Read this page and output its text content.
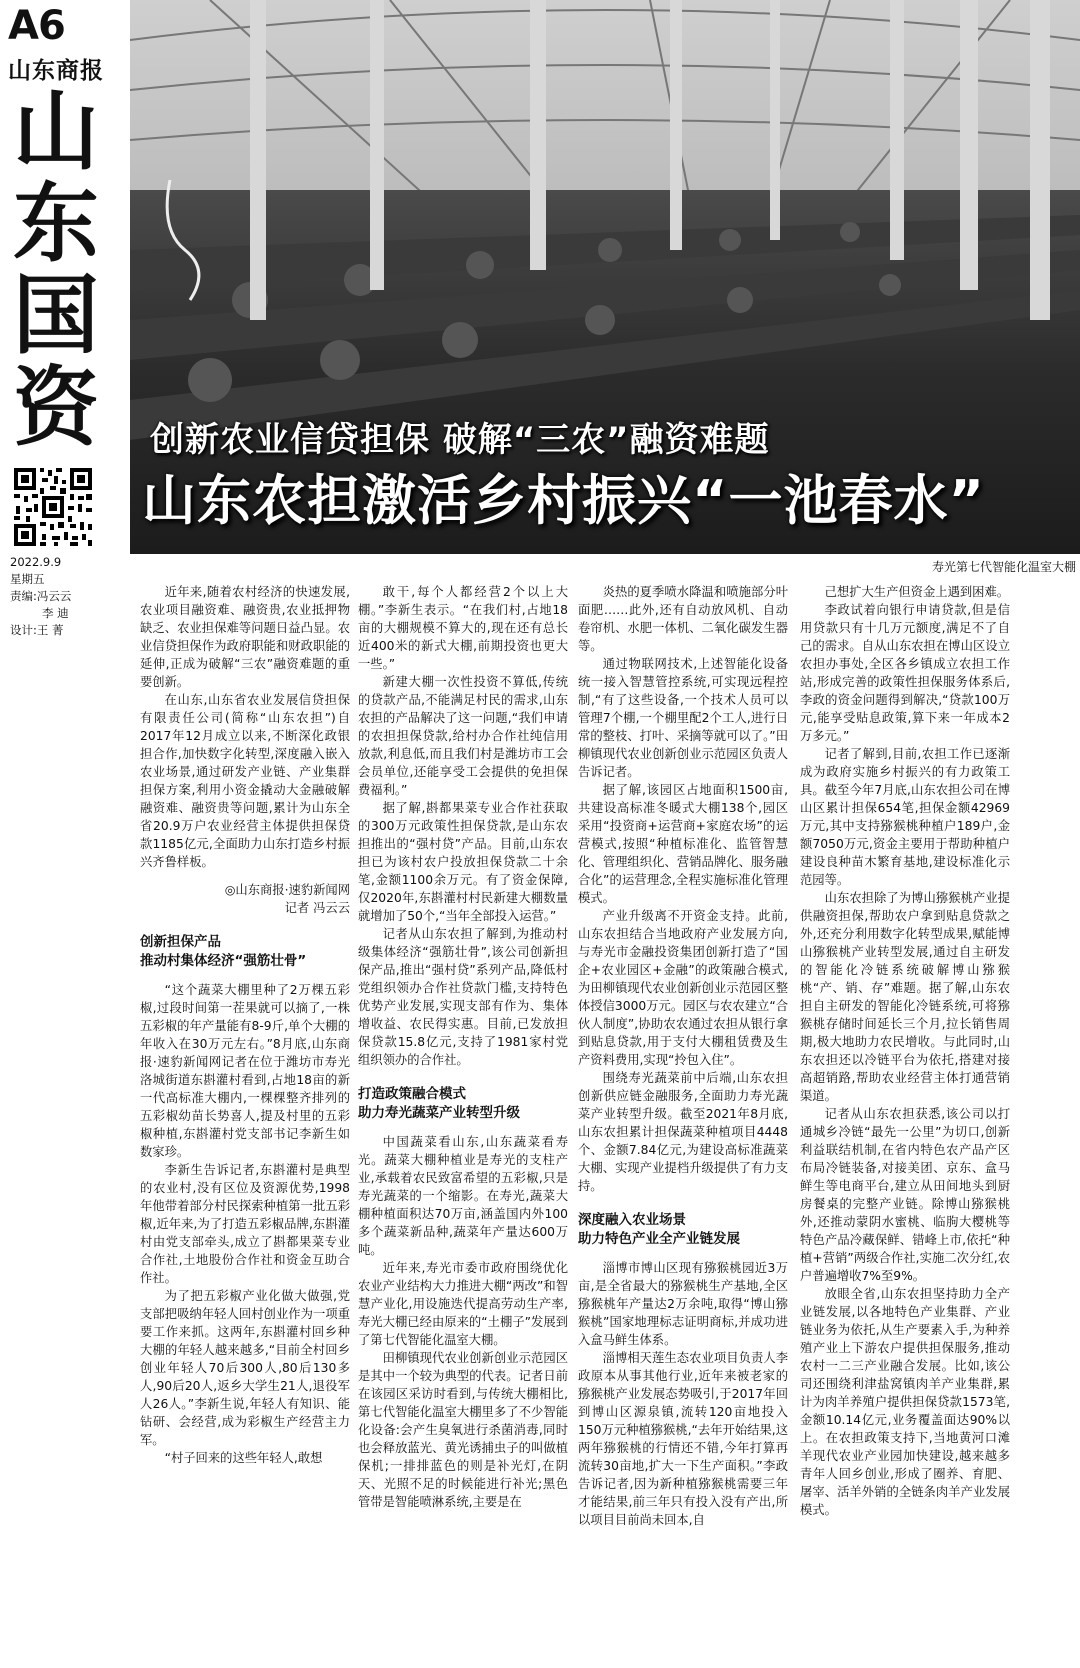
A6
山东商报
山
东
国
资
2022.9.9
星期五
责编:冯云云
李 迪
设计:王 菁
创新农业信贷担保 破解“三农”融资难题
山东农担激活乡村振兴“一池春水”
寿光第七代智能化温室大棚

近年来,随着农村经济的快速发展,农业项目融资难、融资贵,农业抵押物缺乏、农业担保难等问题日益凸显。农业信贷担保作为政府职能和财政职能的延伸,正成为破解“三农”融资难题的重要创新。

在山东,山东省农业发展信贷担保有限责任公司(简称“山东农担”)自2017年12月成立以来,不断深化政银担合作,加快数字化转型,深度融入嵌入农业场景,通过研发产业链、产业集群担保方案,利用小资金撬动大金融破解融资难、融资贵等问题,累计为山东全省20.9万户农业经营主体提供担保贷款1185亿元,全面助力山东打造乡村振兴齐鲁样板。

◎山东商报·速豹新闻网
记者 冯云云

创新担保产品
推动村集体经济“强筋壮骨”

“这个蔬菜大棚里种了2万棵五彩椒,过段时间第一茬果就可以摘了,一株五彩椒的年产量能有8-9斤,单个大棚的年收入在30万元左右。”8月底,山东商报·速豹新闻网记者在位于潍坊市寿光洛城街道东斟灌村看到,占地18亩的新一代高标准大棚内,一棵棵整齐排列的五彩椒幼苗长势喜人,提及村里的五彩椒种植,东斟灌村党支部书记李新生如数家珍。

李新生告诉记者,东斟灌村是典型的农业村,没有区位及资源优势,1998年他带着部分村民探索种植第一批五彩椒,近年来,为了打造五彩椒品牌,东斟灌村由党支部牵头,成立了斟都果菜专业合作社,土地股份合作社和资金互助合作社。

为了把五彩椒产业化做大做强,党支部把吸纳年轻人回村创业作为一项重要工作来抓。这两年,东斟灌村回乡种大棚的年轻人越来越多,“目前全村回乡创业年轻人70后300人,80后130多人,90后20人,返乡大学生21人,退役军人26人。”李新生说,年轻人有知识、能钻研、会经营,成为彩椒生产经营主力军。

“村子回来的这些年轻人,敢想

敢干,每个人都经营2个以上大棚。”李新生表示。“在我们村,占地18亩的大棚规模不算大的,现在还有总长近400米的新式大棚,前期投资也更大一些。”

新建大棚一次性投资不算低,传统的贷款产品,不能满足村民的需求,山东农担的产品解决了这一问题,“我们申请的农担担保贷款,给村办合作社纯信用放款,利息低,而且我们村是潍坊市工会会员单位,还能享受工会提供的免担保费福利。”

据了解,斟都果菜专业合作社获取的300万元政策性担保贷款,是山东农担推出的“强村贷”产品。目前,山东农担已为该村农户投放担保贷款二十余笔,金额1100余万元。有了资金保障,仅2020年,东斟灌村村民新建大棚数量就增加了50个,“当年全部投入运营。”

记者从山东农担了解到,为推动村级集体经济“强筋壮骨”,该公司创新担保产品,推出“强村贷”系列产品,降低村党组织领办合作社贷款门槛,支持特色优势产业发展,实现支部有作为、集体增收益、农民得实惠。目前,已发放担保贷款15.8亿元,支持了1981家村党组织领办的合作社。

打造政策融合模式
助力寿光蔬菜产业转型升级

中国蔬菜看山东,山东蔬菜看寿光。蔬菜大棚种植业是寿光的支柱产业,承载着农民致富希望的五彩椒,只是寿光蔬菜的一个缩影。在寿光,蔬菜大棚种植面积达70万亩,涵盖国内外100多个蔬菜新品种,蔬菜年产量达600万吨。

近年来,寿光市委市政府围绕优化农业产业结构大力推进大棚“两改”和智慧产业化,用设施迭代提高劳动生产率,寿光大棚已经由原来的“土棚子”发展到了第七代智能化温室大棚。

田柳镇现代农业创新创业示范园区是其中一个较为典型的代表。记者日前在该园区采访时看到,与传统大棚相比,第七代智能化温室大棚里多了不少智能化设备:会产生臭氧进行杀菌消毒,同时也会释放蓝光、黄光诱捕虫子的叫做植保机;一排排蓝色的则是补光灯,在阴天、光照不足的时候能进行补光;黑色管带是智能喷淋系统,主要是在

炎热的夏季喷水降温和喷施部分叶面肥……此外,还有自动放风机、自动卷帘机、水肥一体机、二氧化碳发生器等。

通过物联网技术,上述智能化设备统一接入智慧管控系统,可实现远程控制,“有了这些设备,一个技术人员可以管理7个棚,一个棚里配2个工人,进行日常的整枝、打叶、采摘等就可以了。”田柳镇现代农业创新创业示范园区负责人告诉记者。

据了解,该园区占地面积1500亩,共建设高标准冬暖式大棚138个,园区采用“投资商+运营商+家庭农场”的运营模式,按照“种植标准化、监管智慧化、管理组织化、营销品牌化、服务融合化”的运营理念,全程实施标准化管理模式。

产业升级离不开资金支持。此前,山东农担结合当地政府产业发展方向,与寿光市金融投资集团创新打造了“国企+农业园区+金融”的政策融合模式,为田柳镇现代农业创新创业示范园区整体授信3000万元。园区与农农建立“合伙人制度”,协助农农通过农担从银行拿到贴息贷款,用于支付大棚租赁费及生产资料费用,实现“拎包入住”。

围绕寿光蔬菜前中后端,山东农担创新供应链金融服务,全面助力寿光蔬菜产业转型升级。截至2021年8月底,山东农担累计担保蔬菜种植项目4448个、金额7.84亿元,为建设高标准蔬菜大棚、实现产业提档升级提供了有力支持。

深度融入农业场景
助力特色产业全产业链发展

淄博市博山区现有猕猴桃园近3万亩,是全省最大的猕猴桃生产基地,全区猕猴桃年产量达2万余吨,取得“博山猕猴桃”国家地理标志证明商标,并成功进入盒马鲜生体系。

淄博相天莲生态农业项目负责人李政原本从事其他行业,近年来被老家的猕猴桃产业发展态势吸引,于2017年回到博山区源泉镇,流转120亩地投入150万元种植猕猴桃,“去年开始结果,这两年猕猴桃的行情还不错,今年打算再流转30亩地,扩大一下生产面积。”李政告诉记者,因为新种植猕猴桃需要三年才能结果,前三年只有投入没有产出,所以项目目前尚未回本,自

己想扩大生产但资金上遇到困难。

李政试着向银行申请贷款,但是信用贷款只有十几万元额度,满足不了自己的需求。自从山东农担在博山区设立农担办事处,全区各乡镇成立农担工作站,形成完善的政策性担保服务体系后,李政的资金问题得到解决,“贷款100万元,能享受贴息政策,算下来一年成本2万多元。”

记者了解到,目前,农担工作已逐渐成为政府实施乡村振兴的有力政策工具。截至今年7月底,山东农担公司在博山区累计担保654笔,担保金额42969万元,其中支持猕猴桃种植户189户,金额7050万元,资金主要用于帮助种植户建设良种苗木繁育基地,建设标准化示范园等。

山东农担除了为博山猕猴桃产业提供融资担保,帮助农户拿到贴息贷款之外,还充分利用数字化转型成果,赋能博山猕猴桃产业转型发展,通过自主研发的智能化冷链系统破解博山猕猴桃“产、销、存”难题。据了解,山东农担自主研发的智能化冷链系统,可将猕猴桃存储时间延长三个月,拉长销售周期,极大地助力农民增收。与此同时,山东农担还以冷链平台为依托,搭建对接高超销路,帮助农业经营主体打通营销渠道。

记者从山东农担获悉,该公司以打通城乡冷链“最先一公里”为切口,创新利益联结机制,在省内特色农产品产区布局冷链装备,对接美团、京东、盒马鲜生等电商平台,建立从田间地头到厨房餐桌的完整产业链。除博山猕猴桃外,还推动蒙阴水蜜桃、临朐大樱桃等特色产品冷藏保鲜、错峰上市,依托“种植+营销”两级合作社,实施二次分红,农户普遍增收7%至9%。

放眼全省,山东农担坚持助力全产业链发展,以各地特色产业集群、产业链业务为依托,从生产要素入手,为种养殖产业上下游农户提供担保服务,推动农村一二三产业融合发展。比如,该公司还围绕利津盐窝镇肉羊产业集群,累计为肉羊养殖户提供担保贷款1573笔,金额10.14亿元,业务覆盖面达90%以上。在农担政策支持下,当地黄河口滩羊现代农业产业园加快建设,越来越多青年人回乡创业,形成了圈养、育肥、屠宰、活羊外销的全链条肉羊产业发展模式。
